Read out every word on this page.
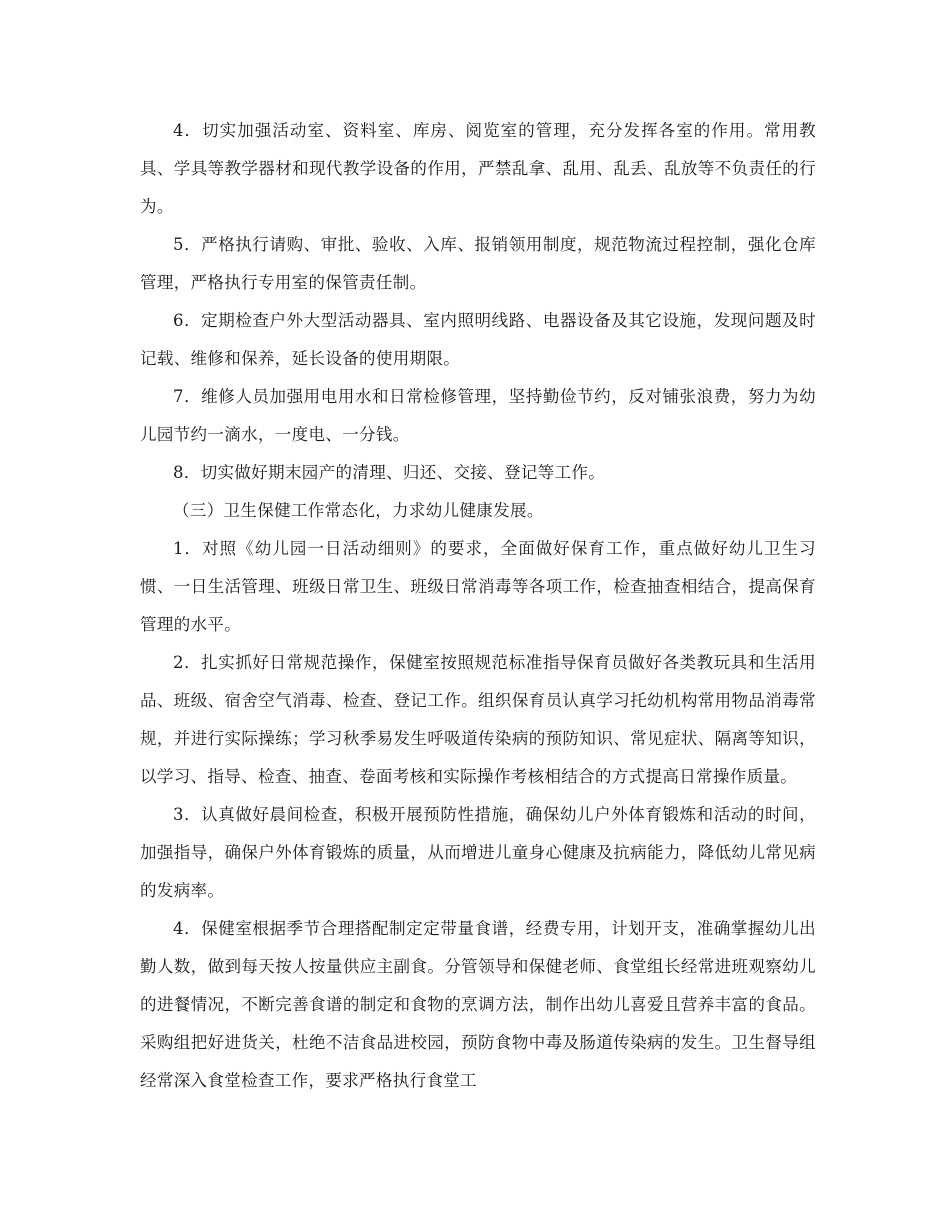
4．切实加强活动室、资料室、库房、阅览室的管理，充分发挥各室的作用。常用教具、学具等教学器材和现代教学设备的作用，严禁乱拿、乱用、乱丢、乱放等不负责任的行为。

5．严格执行请购、审批、验收、入库、报销领用制度，规范物流过程控制，强化仓库管理，严格执行专用室的保管责任制。

6．定期检查户外大型活动器具、室内照明线路、电器设备及其它设施，发现问题及时记载、维修和保养，延长设备的使用期限。

7．维修人员加强用电用水和日常检修管理，坚持勤俭节约，反对铺张浪费，努力为幼儿园节约一滴水，一度电、一分钱。

8．切实做好期末园产的清理、归还、交接、登记等工作。

（三）卫生保健工作常态化，力求幼儿健康发展。

1．对照《幼儿园一日活动细则》的要求，全面做好保育工作，重点做好幼儿卫生习惯、一日生活管理、班级日常卫生、班级日常消毒等各项工作，检查抽查相结合，提高保育管理的水平。

2．扎实抓好日常规范操作，保健室按照规范标准指导保育员做好各类教玩具和生活用品、班级、宿舍空气消毒、检查、登记工作。组织保育员认真学习托幼机构常用物品消毒常规，并进行实际操练；学习秋季易发生呼吸道传染病的预防知识、常见症状、隔离等知识，以学习、指导、检查、抽查、卷面考核和实际操作考核相结合的方式提高日常操作质量。

3．认真做好晨间检查，积极开展预防性措施，确保幼儿户外体育锻炼和活动的时间，加强指导，确保户外体育锻炼的质量，从而增进儿童身心健康及抗病能力，降低幼儿常见病的发病率。

4．保健室根据季节合理搭配制定定带量食谱，经费专用，计划开支，准确掌握幼儿出勤人数，做到每天按人按量供应主副食。分管领导和保健老师、食堂组长经常进班观察幼儿的进餐情况，不断完善食谱的制定和食物的烹调方法，制作出幼儿喜爱且营养丰富的食品。采购组把好进货关，杜绝不洁食品进校园，预防食物中毒及肠道传染病的发生。卫生督导组经常深入食堂检查工作，要求严格执行食堂工
